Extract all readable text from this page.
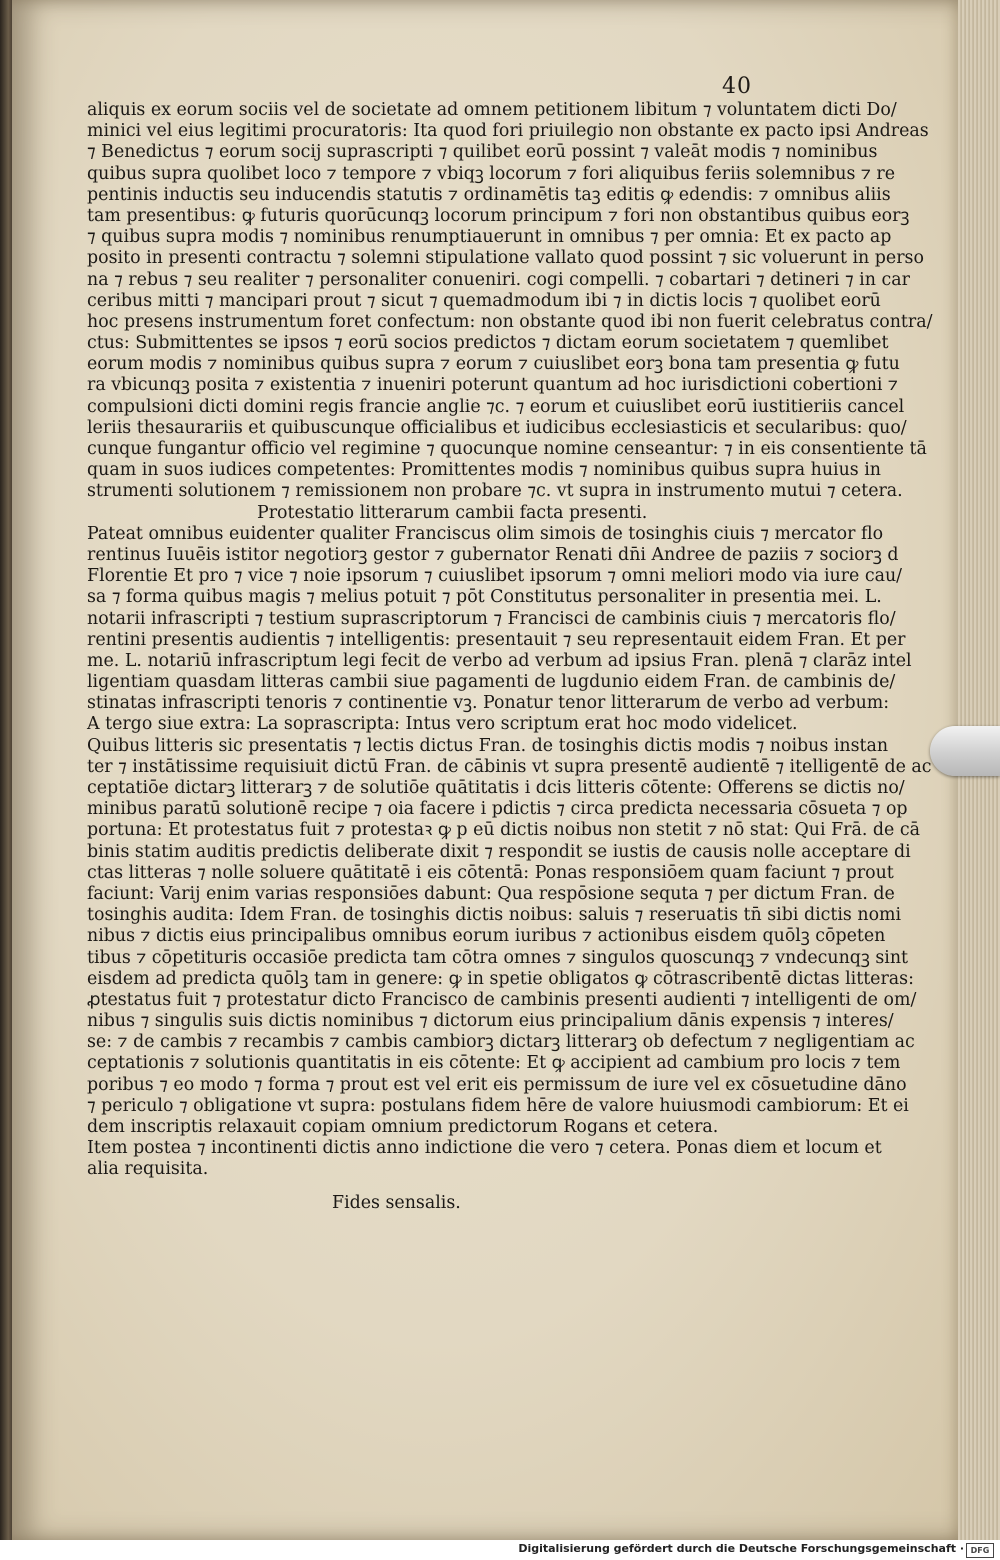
40
aliquis ex eorum sociis vel de societate ad omnem petitionem libitum ⁊ voluntatem dicti Do/
minici vel eius legitimi procuratoris: Ita quod fori priuilegio non obstante ex pacto ipsi Andreas
⁊ Benedictus ⁊ eorum socij suprascripti ⁊ quilibet eorū possint ⁊ valeāt modis ⁊ nominibus
quibus supra quolibet loco ⁊ tempore ⁊ vbiqꝫ locorum ⁊ fori aliquibus feriis solemnibus ⁊ re
pentinis inductis seu inducendis statutis ⁊ ordinamētis taꝫ editis ꝙ edendis: ⁊ omnibus aliis
tam presentibus: ꝙ futuris quorūcunqꝫ locorum principum ⁊ fori non obstantibus quibus eorꝫ
⁊ quibus supra modis ⁊ nominibus renumptiauerunt in omnibus ⁊ per omnia: Et ex pacto ap
posito in presenti contractu ⁊ solemni stipulatione vallato quod possint ⁊ sic voluerunt in perso
na ⁊ rebus ⁊ seu realiter ⁊ personaliter conueniri. cogi compelli. ⁊ cobartari ⁊ detineri ⁊ in car
ceribus mitti ⁊ mancipari prout ⁊ sicut ⁊ quemadmodum ibi ⁊ in dictis locis ⁊ quolibet eorū
hoc presens instrumentum foret confectum: non obstante quod ibi non fuerit celebratus contra/
ctus: Submittentes se ipsos ⁊ eorū socios predictos ⁊ dictam eorum societatem ⁊ quemlibet
eorum modis ⁊ nominibus quibus supra ⁊ eorum ⁊ cuiuslibet eorꝫ bona tam presentia ꝙ futu
ra vbicunqꝫ posita ⁊ existentia ⁊ inueniri poterunt quantum ad hoc iurisdictioni cobertioni ⁊
compulsioni dicti domini regis francie anglie ⁊c. ⁊ eorum et cuiuslibet eorū iustitieriis cancel
leriis thesaurariis et quibuscunque officialibus et iudicibus ecclesiasticis et secularibus: quo/
cunque fungantur officio vel regimine ⁊ quocunque nomine censeantur: ⁊ in eis consentiente tā
quam in suos iudices competentes: Promittentes modis ⁊ nominibus quibus supra huius in
strumenti solutionem ⁊ remissionem non probare ⁊c. vt supra in instrumento mutui ⁊ cetera.
Protestatio litterarum cambii facta presenti.
Pateat omnibus euidenter qualiter Franciscus olim simois de tosinghis ciuis ⁊ mercator flo
rentinus Iuuēis istitor negotiorꝫ gestor ⁊ gubernator Renati dn̄i Andree de paziis ⁊ sociorꝫ d
Florentie Et pro ⁊ vice ⁊ noie ipsorum ⁊ cuiuslibet ipsorum ⁊ omni meliori modo via iure cau/
sa ⁊ forma quibus magis ⁊ melius potuit ⁊ pōt Constitutus personaliter in presentia mei. L.
notarii infrascripti ⁊ testium suprascriptorum ⁊ Francisci de cambinis ciuis ⁊ mercatoris flo/
rentini presentis audientis ⁊ intelligentis: presentauit ⁊ seu representauit eidem Fran. Et per
me. L. notariū infrascriptum legi fecit de verbo ad verbum ad ipsius Fran. plenā ⁊ clarāz intel
ligentiam quasdam litteras cambii siue pagamenti de lugdunio eidem Fran. de cambinis de/
stinatas infrascripti tenoris ⁊ continentie vꝫ. Ponatur tenor litterarum de verbo ad verbum:
A tergo siue extra: La soprascripta: Intus vero scriptum erat hoc modo videlicet.
Quibus litteris sic presentatis ⁊ lectis dictus Fran. de tosinghis dictis modis ⁊ noibus instan
ter ⁊ instātissime requisiuit dictū Fran. de cābinis vt supra presentē audientē ⁊ itelligentē de ac
ceptatiōe dictarꝫ litterarꝫ ⁊ de solutiōe quātitatis i dcis litteris cōtente: Offerens se dictis no/
minibus paratū solutionē recipe ⁊ oia facere i pdictis ⁊ circa predicta necessaria cōsueta ⁊ op
portuna: Et protestatus fuit ⁊ protestaꝛ ꝙ p eū dictis noibus non stetit ⁊ nō stat: Qui Frā. de cā
binis statim auditis predictis deliberate dixit ⁊ respondit se iustis de causis nolle acceptare di
ctas litteras ⁊ nolle soluere quātitatē i eis cōtentā: Ponas responsiōem quam faciunt ⁊ prout
faciunt: Varij enim varias responsiōes dabunt: Qua respōsione sequta ⁊ per dictum Fran. de
tosinghis audita: Idem Fran. de tosinghis dictis noibus: saluis ⁊ reseruatis tn̄ sibi dictis nomi
nibus ⁊ dictis eius principalibus omnibus eorum iuribus ⁊ actionibus eisdem quōlꝫ cōpeten
tibus ⁊ cōpetituris occasiōe predicta tam cōtra omnes ⁊ singulos quoscunqꝫ ⁊ vndecunqꝫ sint
eisdem ad predicta quōlꝫ tam in genere: ꝙ in spetie obligatos ꝙ cōtrascribentē dictas litteras:
ꝓtestatus fuit ⁊ protestatur dicto Francisco de cambinis presenti audienti ⁊ intelligenti de om/
nibus ⁊ singulis suis dictis nominibus ⁊ dictorum eius principalium dānis expensis ⁊ interes/
se: ⁊ de cambis ⁊ recambis ⁊ cambis cambiorꝫ dictarꝫ litterarꝫ ob defectum ⁊ negligentiam ac
ceptationis ⁊ solutionis quantitatis in eis cōtente: Et ꝙ accipient ad cambium pro locis ⁊ tem
poribus ⁊ eo modo ⁊ forma ⁊ prout est vel erit eis permissum de iure vel ex cōsuetudine dāno
⁊ periculo ⁊ obligatione vt supra: postulans fidem hēre de valore huiusmodi cambiorum: Et ei
dem inscriptis relaxauit copiam omnium predictorum Rogans et cetera.
Item postea ⁊ incontinenti dictis anno indictione die vero ⁊ cetera. Ponas diem et locum et
alia requisita.
Fides sensalis.
Digitalisierung gefördert durch die Deutsche Forschungsgemeinschaft · DFG
